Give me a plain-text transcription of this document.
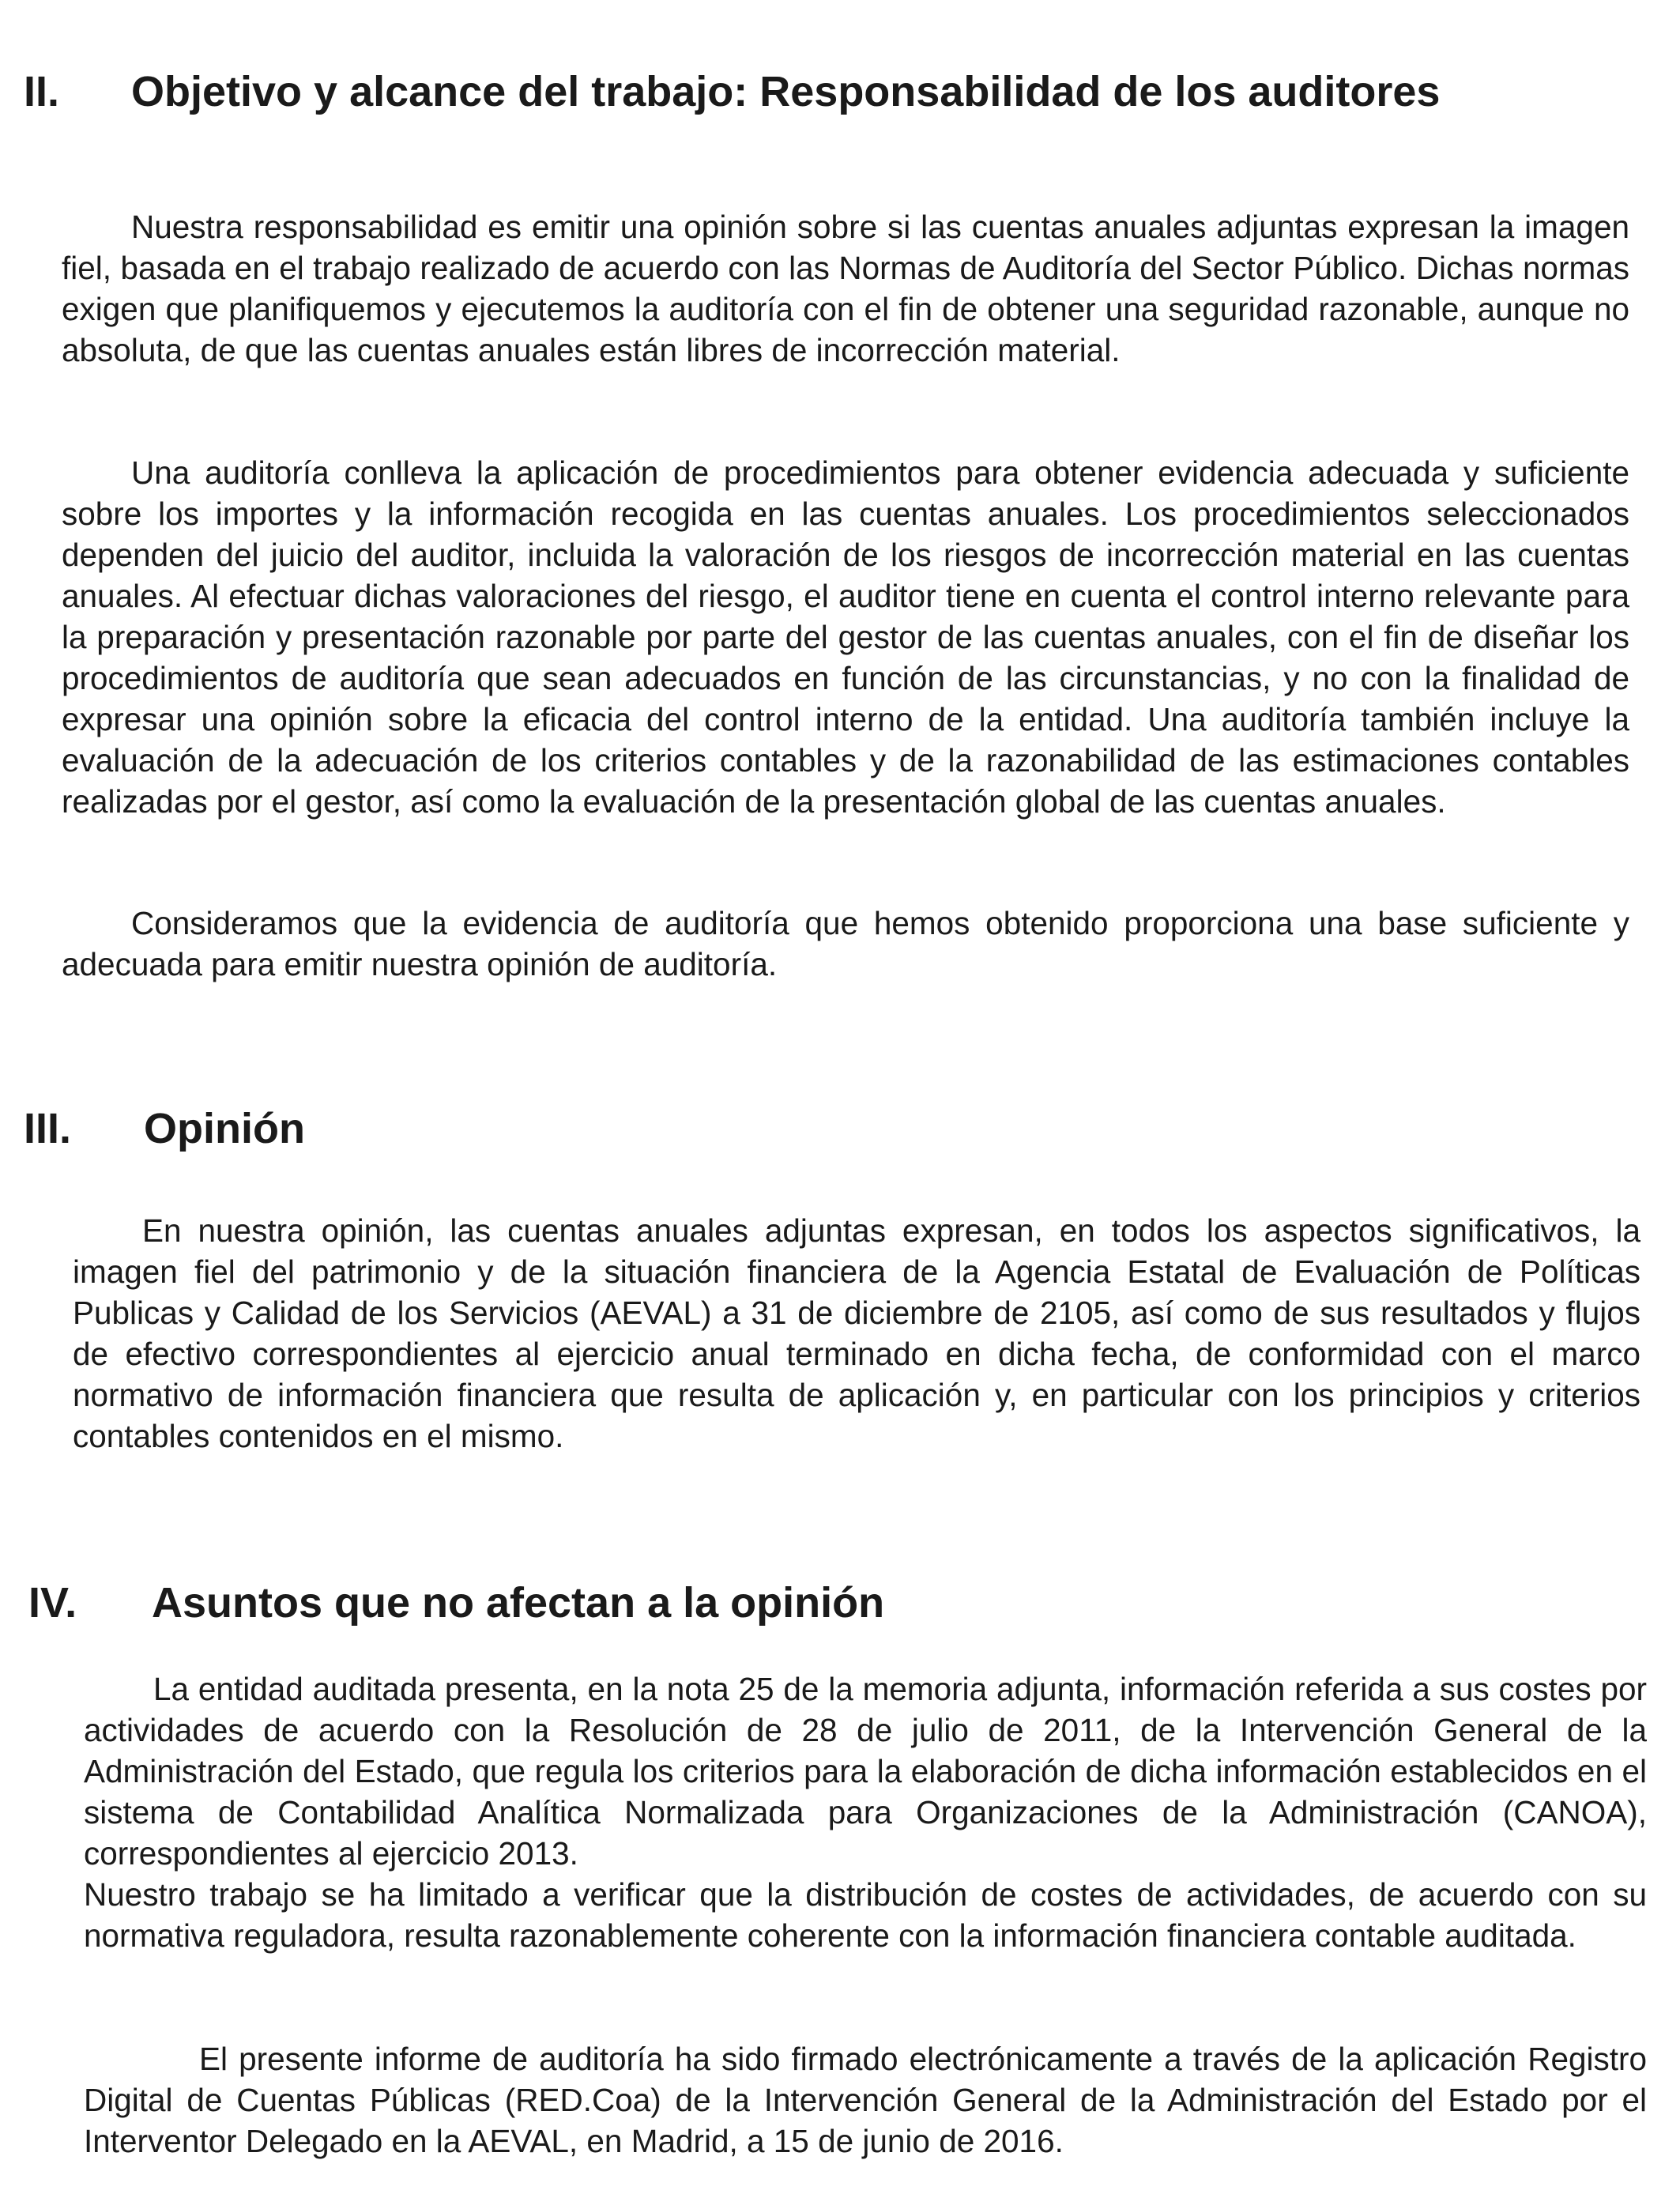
II. Objetivo y alcance del trabajo: Responsabilidad de los auditores

Nuestra responsabilidad es emitir una opinión sobre si las cuentas anuales adjuntas expresan la imagen fiel, basada en el trabajo realizado de acuerdo con las Normas de Auditoría del Sector Público. Dichas normas exigen que planifiquemos y ejecutemos la auditoría con el fin de obtener una seguridad razonable, aunque no absoluta, de que las cuentas anuales están libres de incorrección material.

Una auditoría conlleva la aplicación de procedimientos para obtener evidencia adecuada y suficiente sobre los importes y la información recogida en las cuentas anuales. Los procedimientos seleccionados dependen del juicio del auditor, incluida la valoración de los riesgos de incorrección material en las cuentas anuales. Al efectuar dichas valoraciones del riesgo, el auditor tiene en cuenta el control interno relevante para la preparación y presentación razonable por parte del gestor de las cuentas anuales, con el fin de diseñar los procedimientos de auditoría que sean adecuados en función de las circunstancias, y no con la finalidad de expresar una opinión sobre la eficacia del control interno de la entidad. Una auditoría también incluye la evaluación de la adecuación de los criterios contables y de la razonabilidad de las estimaciones contables realizadas por el gestor, así como la evaluación de la presentación global de las cuentas anuales.

Consideramos que la evidencia de auditoría que hemos obtenido proporciona una base suficiente y adecuada para emitir nuestra opinión de auditoría.

III. Opinión

En nuestra opinión, las cuentas anuales adjuntas expresan, en todos los aspectos significativos, la imagen fiel del patrimonio y de la situación financiera de la Agencia Estatal de Evaluación de Políticas Publicas y Calidad de los Servicios (AEVAL) a 31 de diciembre de 2105, así como de sus resultados y flujos de efectivo correspondientes al ejercicio anual terminado en dicha fecha, de conformidad con el marco normativo de información financiera que resulta de aplicación y, en particular con los principios y criterios contables contenidos en el mismo.

IV. Asuntos que no afectan a la opinión

La entidad auditada presenta, en la nota 25 de la memoria adjunta, información referida a sus costes por actividades de acuerdo con la Resolución de 28 de julio de 2011, de la Intervención General de la Administración del Estado, que regula los criterios para la elaboración de dicha información establecidos en el sistema de Contabilidad Analítica Normalizada para Organizaciones de la Administración (CANOA), correspondientes al ejercicio 2013.

Nuestro trabajo se ha limitado a verificar que la distribución de costes de actividades, de acuerdo con su normativa reguladora, resulta razonablemente coherente con la información financiera contable auditada.

El presente informe de auditoría ha sido firmado electrónicamente a través de la aplicación Registro Digital de Cuentas Públicas (RED.Coa) de la Intervención General de la Administración del Estado por el Interventor Delegado en la AEVAL, en Madrid, a 15 de junio de 2016.
